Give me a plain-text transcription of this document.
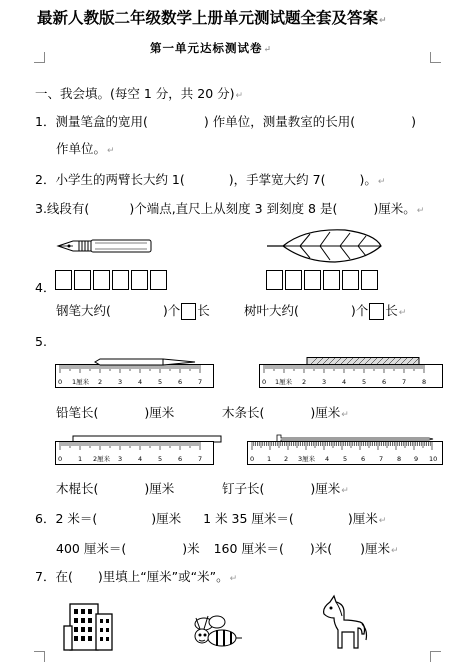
最新人教版二年级数学上册单元测试题全套及答案↵
第一单元达标测试卷↵
一、我会填。(每空 1 分，共 20 分)↵
1．测量笔盒的宽用(	) 作单位，测量教室的长用(	)
作单位。↵
2．小学生的两臂长大约 1(	)，手掌宽大约 7(	)。↵
3.线段有(	)个端点,直尺上从刻度 3 到刻度 8 是(	)厘米。↵
4．
钢笔大约(	)个 长	树叶大约(	)个 长↵
5.
0 1厘米 2 3 4 5 6 7	0 1厘米 2 3 4 5 6 7 8
铅笔长(	)厘米	木条长(	)厘米↵
0 1 2厘米 3 4 5 6 7	0 1 2 3厘米 4 5 6 7 8 9 10
木棍长(	)厘米	钉子长(	)厘米↵
6．2 米＝(	)厘米 1 米 35 厘米＝(	)厘米↵
400 厘米＝(	)米 160 厘米＝( )米( )厘米↵
7．在(　　)里填上“厘米”或“米”。↵
